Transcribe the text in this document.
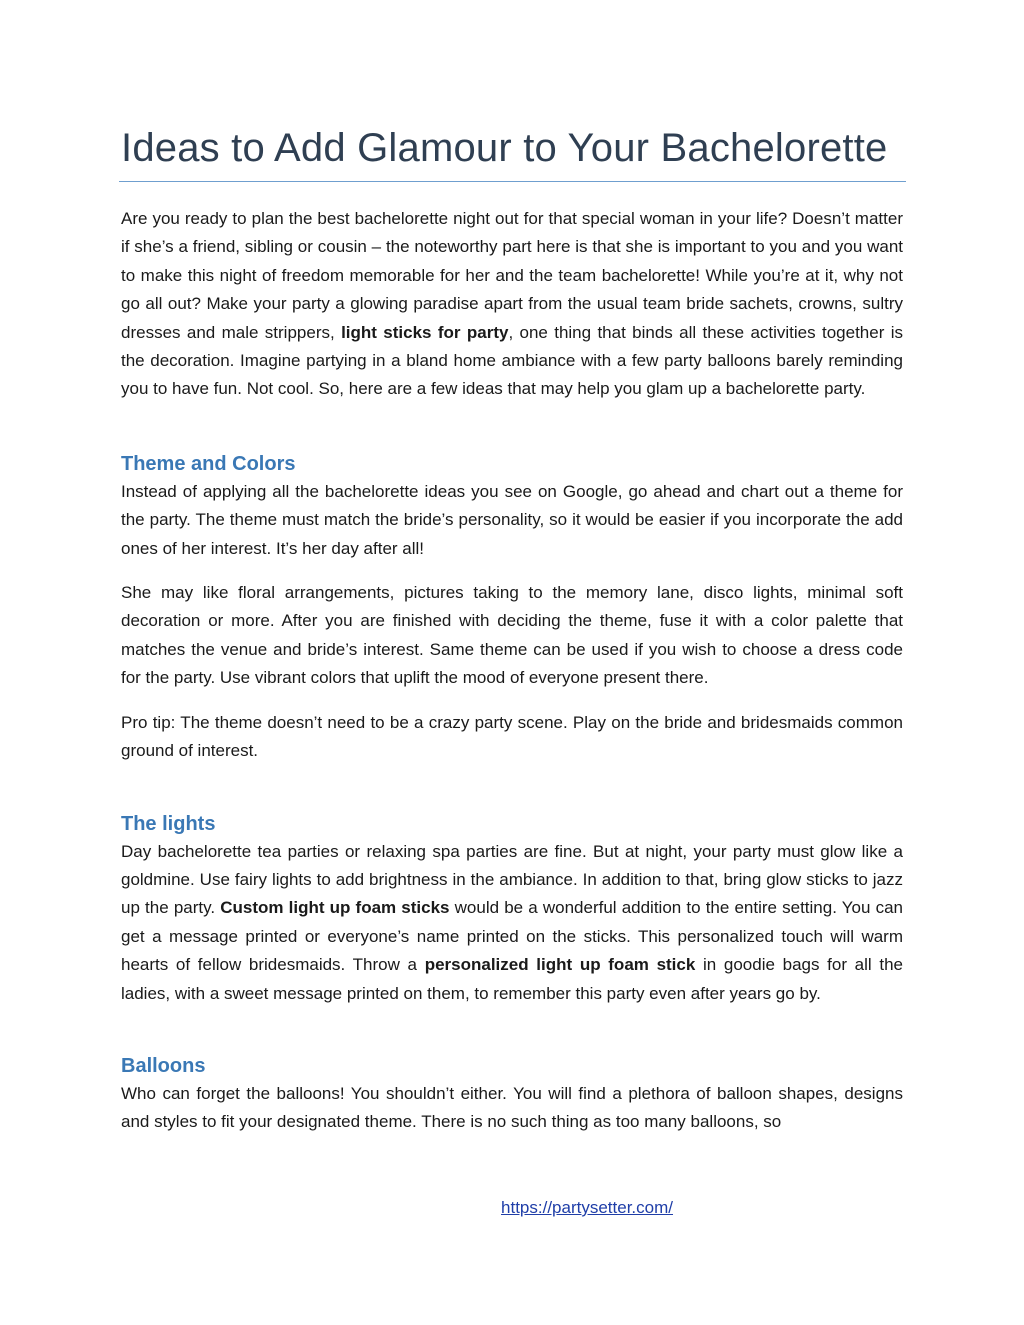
Ideas to Add Glamour to Your Bachelorette

Are you ready to plan the best bachelorette night out for that special woman in your life? Doesn’t matter if she’s a friend, sibling or cousin – the noteworthy part here is that she is important to you and you want to make this night of freedom memorable for her and the team bachelorette! While you’re at it, why not go all out? Make your party a glowing paradise apart from the usual team bride sachets, crowns, sultry dresses and male strippers, light sticks for party, one thing that binds all these activities together is the decoration. Imagine partying in a bland home ambiance with a few party balloons barely reminding you to have fun. Not cool. So, here are a few ideas that may help you glam up a bachelorette party.

Theme and Colors

Instead of applying all the bachelorette ideas you see on Google, go ahead and chart out a theme for the party. The theme must match the bride’s personality, so it would be easier if you incorporate the add ones of her interest. It’s her day after all!

She may like floral arrangements, pictures taking to the memory lane, disco lights, minimal soft decoration or more. After you are finished with deciding the theme, fuse it with a color palette that matches the venue and bride’s interest. Same theme can be used if you wish to choose a dress code for the party. Use vibrant colors that uplift the mood of everyone present there.

Pro tip: The theme doesn’t need to be a crazy party scene. Play on the bride and bridesmaids common ground of interest.

The lights

Day bachelorette tea parties or relaxing spa parties are fine. But at night, your party must glow like a goldmine. Use fairy lights to add brightness in the ambiance. In addition to that, bring glow sticks to jazz up the party. Custom light up foam sticks would be a wonderful addition to the entire setting. You can get a message printed or everyone’s name printed on the sticks. This personalized touch will warm hearts of fellow bridesmaids. Throw a personalized light up foam stick in goodie bags for all the ladies, with a sweet message printed on them, to remember this party even after years go by.

Balloons

Who can forget the balloons! You shouldn’t either. You will find a plethora of balloon shapes, designs and styles to fit your designated theme. There is no such thing as too many balloons, so

https://partysetter.com/
